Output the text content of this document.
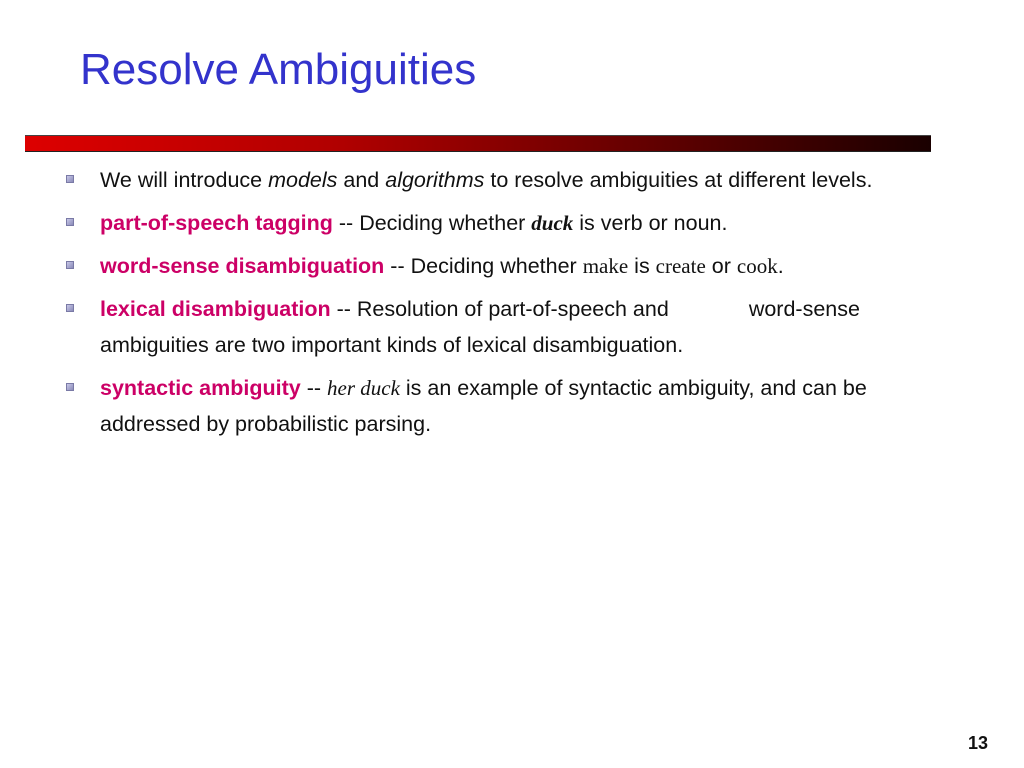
Resolve Ambiguities
We will introduce models and algorithms to resolve ambiguities at different levels.
part-of-speech tagging -- Deciding whether duck is verb or noun.
word-sense disambiguation -- Deciding whether make is create or cook.
lexical disambiguation -- Resolution of part-of-speech and	word-sense ambiguities are two important kinds of lexical disambiguation.
syntactic ambiguity -- her duck is an example of syntactic ambiguity, and can be addressed by probabilistic parsing.
13
